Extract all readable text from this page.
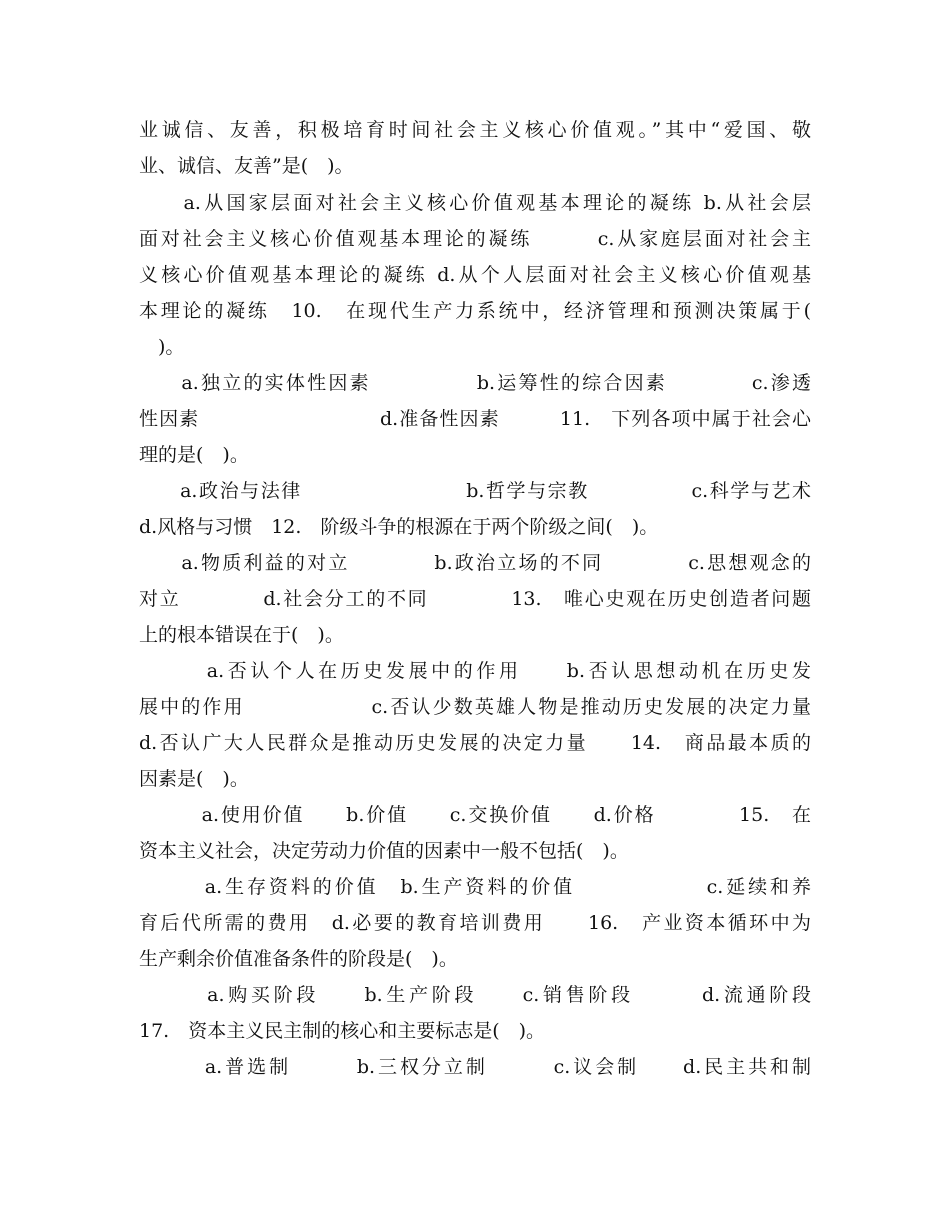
业诚信、友善，积极培育时间社会主义核心价值观。”其中“爱国、敬
业、诚信、友善”是(　)。
　　a.从国家层面对社会主义核心价值观基本理论的凝练 b.从社会层
面对社会主义核心价值观基本理论的凝练　　　c.从家庭层面对社会主
义核心价值观基本理论的凝练 d.从个人层面对社会主义核心价值观基
本理论的凝练　10.　在现代生产力系统中，经济管理和预测决策属于(
　)。
　　a.独立的实体性因素　　　　　b.运筹性的综合因素　　　　c.渗透
性因素　　　　　　　　　d.准备性因素　　　11.　下列各项中属于社会心
理的是(　)。
　　a.政治与法律　　　　　　　　b.哲学与宗教　　　　　c.科学与艺术
d.风格与习惯　12.　阶级斗争的根源在于两个阶级之间(　)。
　　a.物质利益的对立　　　　b.政治立场的不同　　　　c.思想观念的
对立　　　　d.社会分工的不同　　　　13.　唯心史观在历史创造者问题
上的根本错误在于(　)。
　　　a.否认个人在历史发展中的作用　　b.否认思想动机在历史发
展中的作用　　　　　　c.否认少数英雄人物是推动历史发展的决定力量
d.否认广大人民群众是推动历史发展的决定力量　　14.　商品最本质的
因素是(　)。
　　　a.使用价值　　b.价值　　c.交换价值　　d.价格　　　　15.　在
资本主义社会，决定劳动力价值的因素中一般不包括(　)。
　　　a.生存资料的价值　b.生产资料的价值　　　　　　c.延续和养
育后代所需的费用　d.必要的教育培训费用　　16.　产业资本循环中为
生产剩余价值准备条件的阶段是(　)。
　　　a.购买阶段　　b.生产阶段　　c.销售阶段　　　d.流通阶段
17.　资本主义民主制的核心和主要标志是(　)。
　　　a.普选制　　　b.三权分立制　　　c.议会制　　d.民主共和制
